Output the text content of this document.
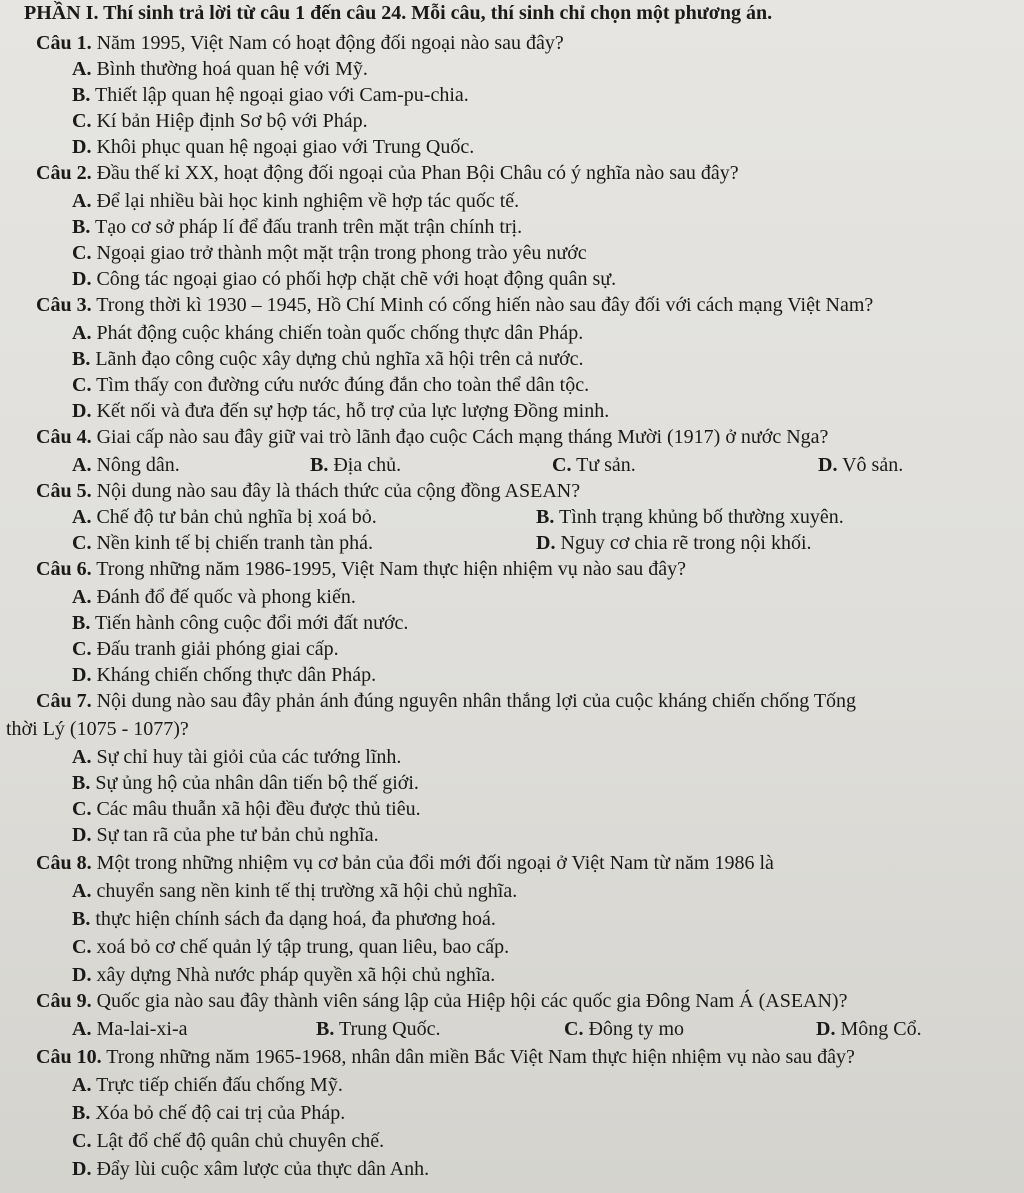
PHẦN I. Thí sinh trả lời từ câu 1 đến câu 24. Mỗi câu, thí sinh chỉ chọn một phương án.
Câu 1. Năm 1995, Việt Nam có hoạt động đối ngoại nào sau đây?
A. Bình thường hoá quan hệ với Mỹ.
B. Thiết lập quan hệ ngoại giao với Cam-pu-chia.
C. Kí bản Hiệp định Sơ bộ với Pháp.
D. Khôi phục quan hệ ngoại giao với Trung Quốc.
Câu 2. Đầu thế kỉ XX, hoạt động đối ngoại của Phan Bội Châu có ý nghĩa nào sau đây?
A. Để lại nhiều bài học kinh nghiệm về hợp tác quốc tế.
B. Tạo cơ sở pháp lí để đấu tranh trên mặt trận chính trị.
C. Ngoại giao trở thành một mặt trận trong phong trào yêu nước
D. Công tác ngoại giao có phối hợp chặt chẽ với hoạt động quân sự.
Câu 3. Trong thời kì 1930 – 1945, Hồ Chí Minh có cống hiến nào sau đây đối với cách mạng Việt Nam?
A. Phát động cuộc kháng chiến toàn quốc chống thực dân Pháp.
B. Lãnh đạo công cuộc xây dựng chủ nghĩa xã hội trên cả nước.
C. Tìm thấy con đường cứu nước đúng đắn cho toàn thể dân tộc.
D. Kết nối và đưa đến sự hợp tác, hỗ trợ của lực lượng Đồng minh.
Câu 4. Giai cấp nào sau đây giữ vai trò lãnh đạo cuộc Cách mạng tháng Mười (1917) ở nước Nga?
A. Nông dân.	B. Địa chủ.	C. Tư sản.	D. Vô sản.
Câu 5. Nội dung nào sau đây là thách thức của cộng đồng ASEAN?
A. Chế độ tư bản chủ nghĩa bị xoá bỏ.	B. Tình trạng khủng bố thường xuyên.
C. Nền kinh tế bị chiến tranh tàn phá.	D. Nguy cơ chia rẽ trong nội khối.
Câu 6. Trong những năm 1986-1995, Việt Nam thực hiện nhiệm vụ nào sau đây?
A. Đánh đổ đế quốc và phong kiến.
B. Tiến hành công cuộc đổi mới đất nước.
C. Đấu tranh giải phóng giai cấp.
D. Kháng chiến chống thực dân Pháp.
Câu 7. Nội dung nào sau đây phản ánh đúng nguyên nhân thắng lợi của cuộc kháng chiến chống Tống
thời Lý (1075 - 1077)?
A. Sự chỉ huy tài giỏi của các tướng lĩnh.
B. Sự ủng hộ của nhân dân tiến bộ thế giới.
C. Các mâu thuẫn xã hội đều được thủ tiêu.
D. Sự tan rã của phe tư bản chủ nghĩa.
Câu 8. Một trong những nhiệm vụ cơ bản của đổi mới đối ngoại ở Việt Nam từ năm 1986 là
A. chuyển sang nền kinh tế thị trường xã hội chủ nghĩa.
B. thực hiện chính sách đa dạng hoá, đa phương hoá.
C. xoá bỏ cơ chế quản lý tập trung, quan liêu, bao cấp.
D. xây dựng Nhà nước pháp quyền xã hội chủ nghĩa.
Câu 9. Quốc gia nào sau đây thành viên sáng lập của Hiệp hội các quốc gia Đông Nam Á (ASEAN)?
A. Ma-lai-xi-a	B. Trung Quốc.	C. Đông ty mo	D. Mông Cổ.
Câu 10. Trong những năm 1965-1968, nhân dân miền Bắc Việt Nam thực hiện nhiệm vụ nào sau đây?
A. Trực tiếp chiến đấu chống Mỹ.
B. Xóa bỏ chế độ cai trị của Pháp.
C. Lật đổ chế độ quân chủ chuyên chế.
D. Đẩy lùi cuộc xâm lược của thực dân Anh.
